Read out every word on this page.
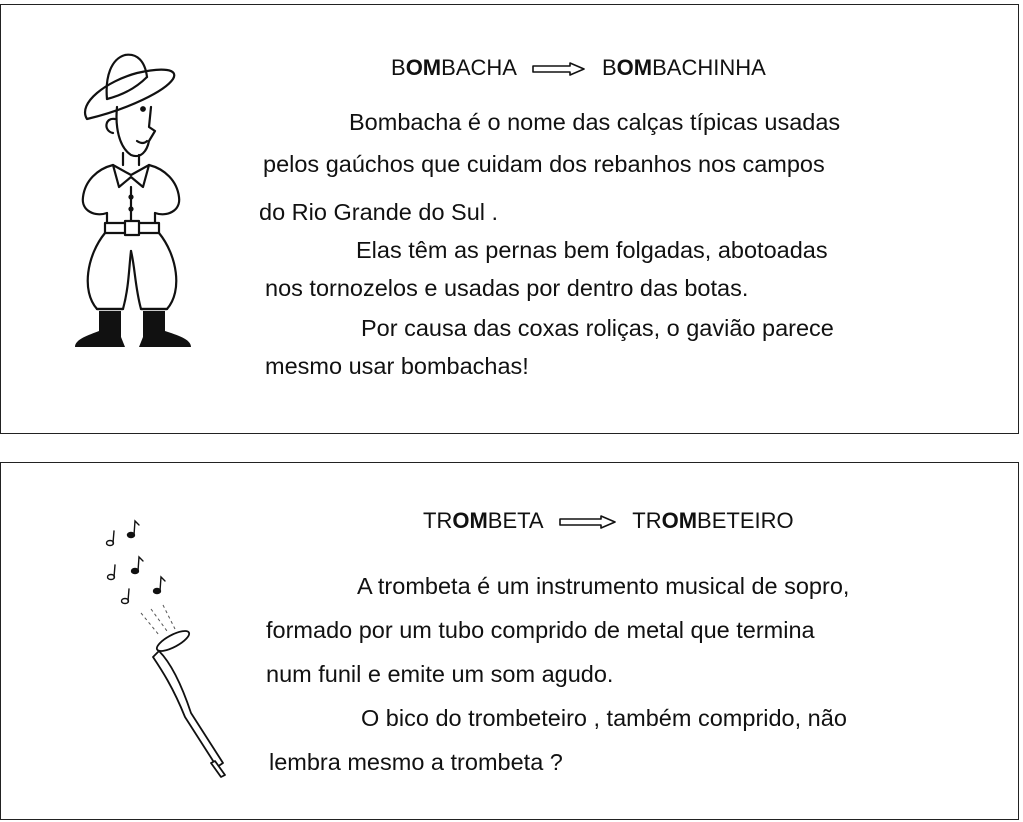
BOMBACHA	BOMBACHINHA
Bombacha é o nome das calças típicas usadas
pelos gaúchos que cuidam dos rebanhos nos campos
do Rio Grande do Sul .
Elas têm as pernas bem folgadas, abotoadas
nos tornozelos e usadas por dentro das botas.
Por causa das coxas roliças, o gavião parece
mesmo usar bombachas!
TROMBETA	TROMBETEIRO
A trombeta é um instrumento musical de sopro,
formado por um tubo comprido de metal que termina
num funil e emite um som agudo.
O bico do trombeteiro , também comprido, não
lembra mesmo a trombeta ?
